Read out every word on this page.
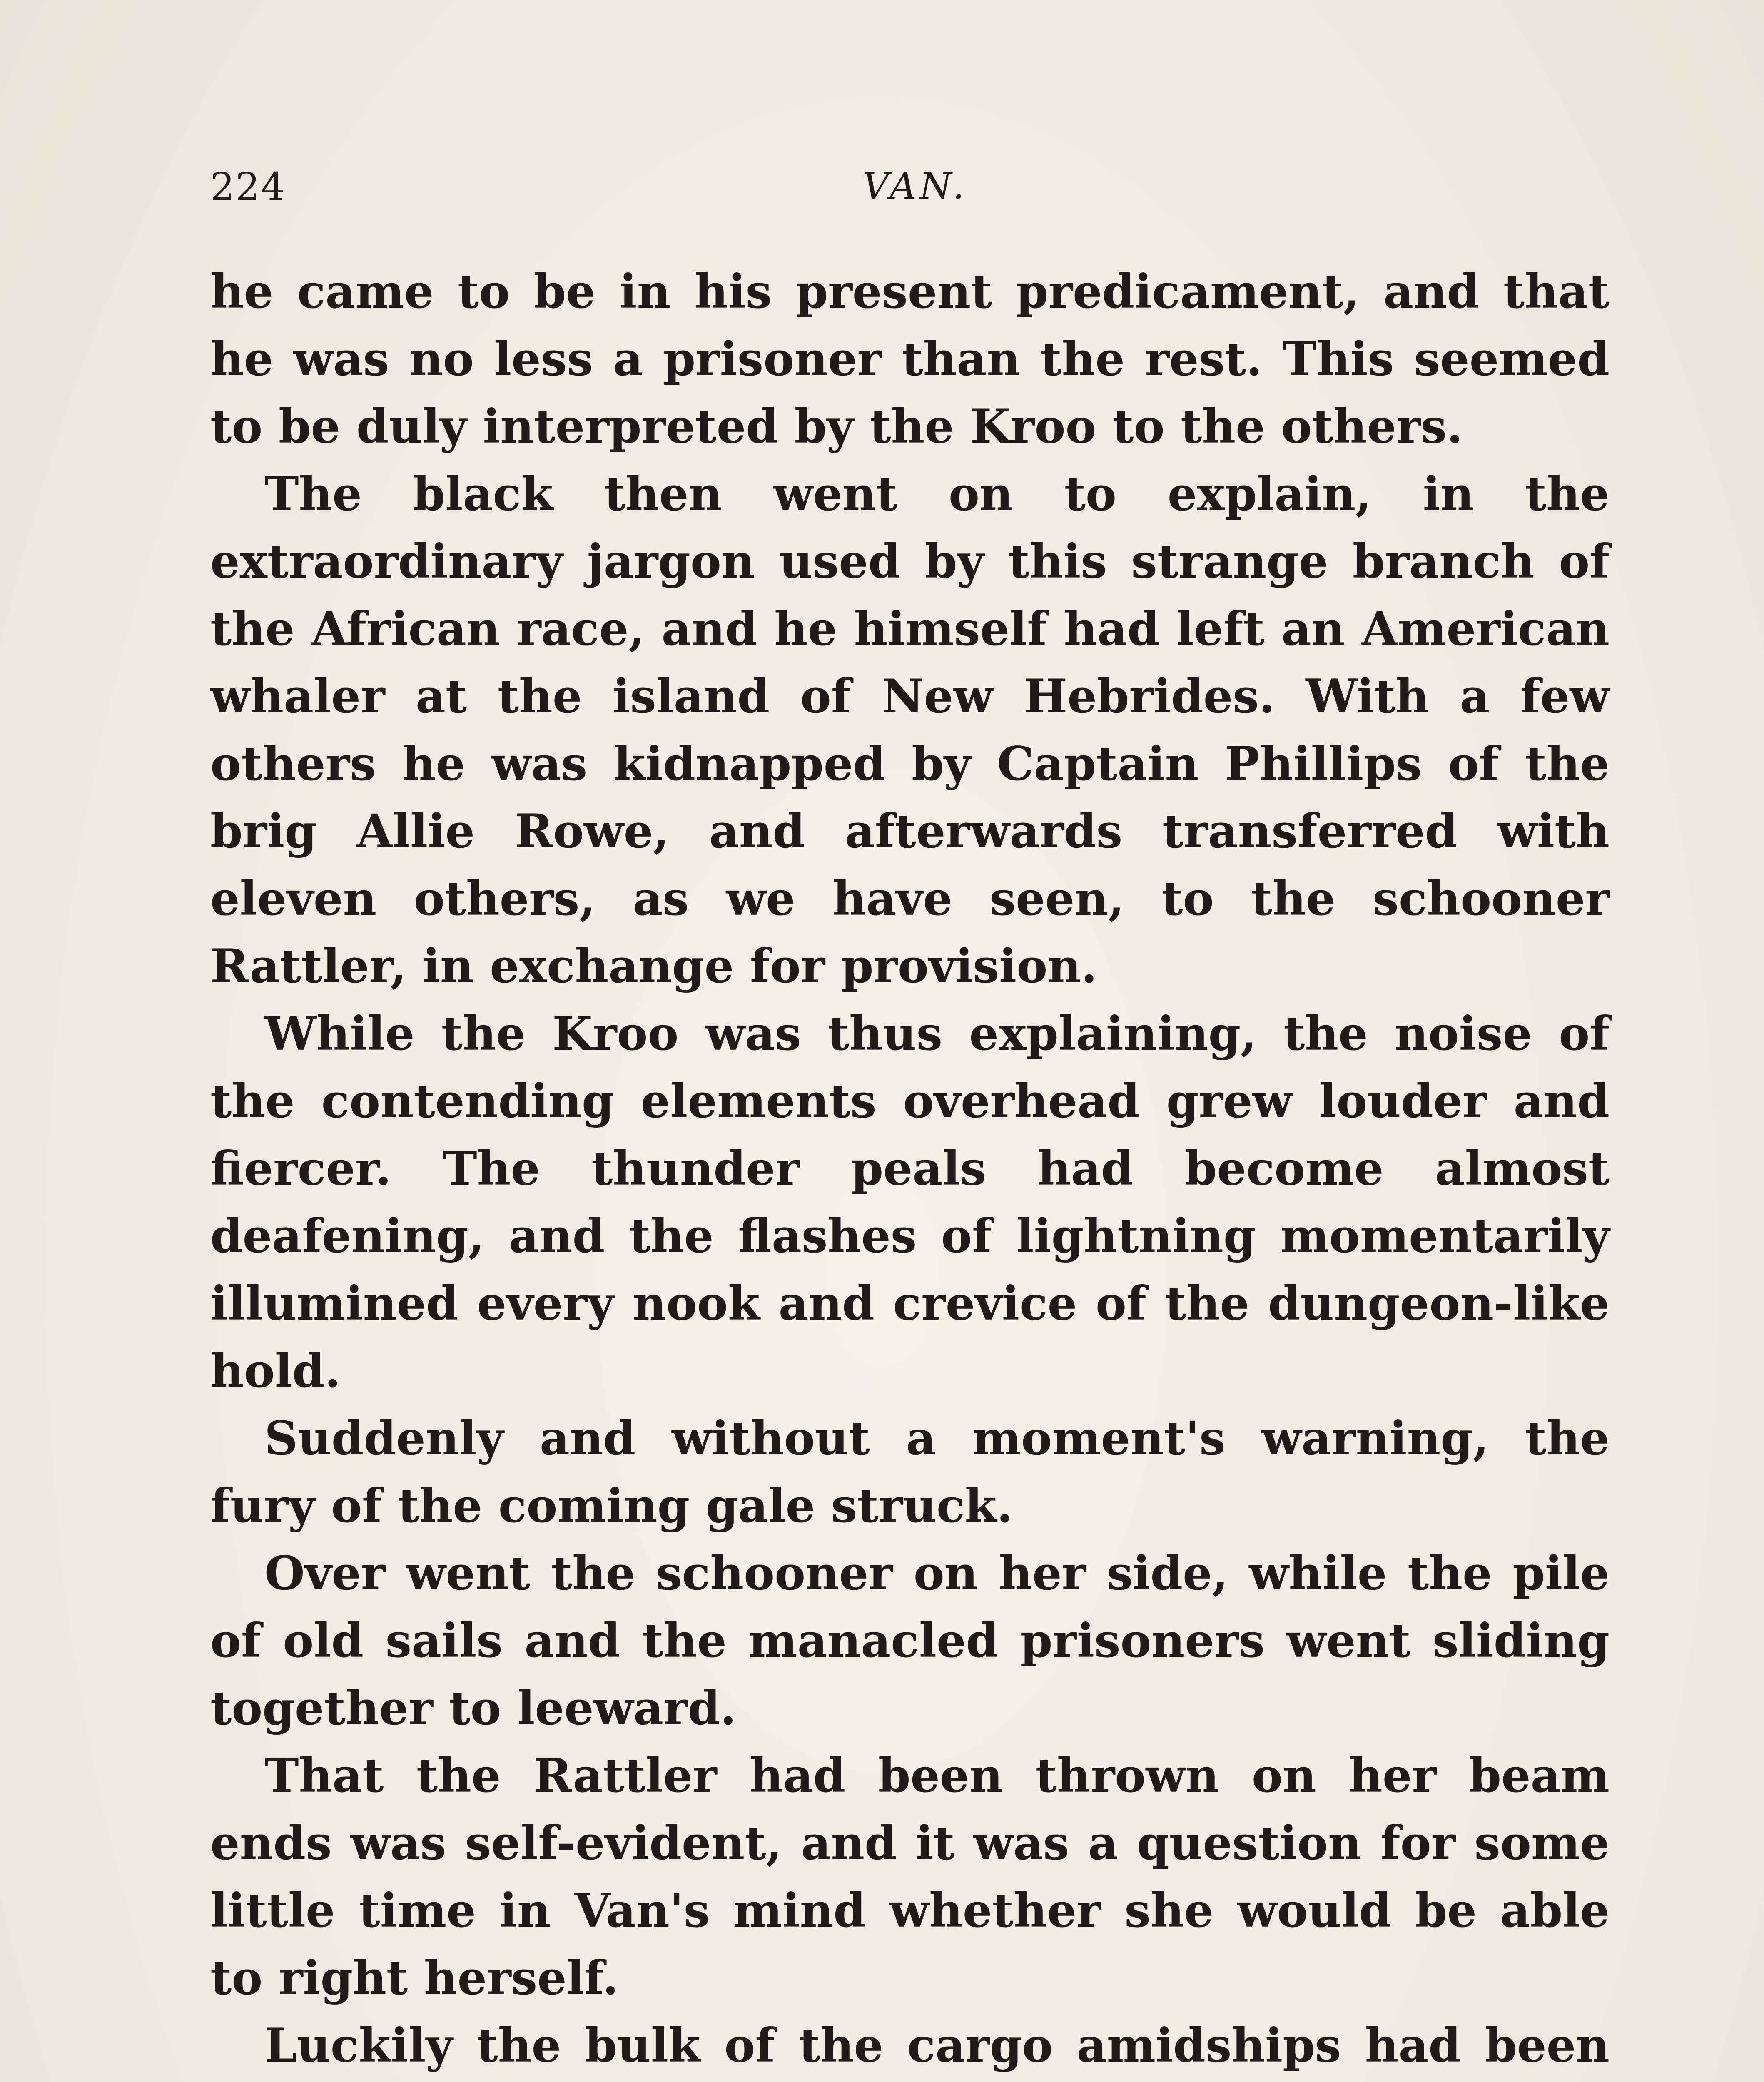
224	VAN.

he came to be in his present predicament, and that he was no less a prisoner than the rest. This seemed to be duly interpreted by the Kroo to the others.

The black then went on to explain, in the extraordinary jargon used by this strange branch of the African race, and he himself had left an American whaler at the island of New Hebrides. With a few others he was kidnapped by Captain Phillips of the brig Allie Rowe, and afterwards transferred with eleven others, as we have seen, to the schooner Rattler, in exchange for provision.

While the Kroo was thus explaining, the noise of the contending elements overhead grew louder and fiercer. The thunder peals had become almost deafening, and the flashes of lightning momentarily illumined every nook and crevice of the dungeon-like hold.

Suddenly and without a moment's warning, the fury of the coming gale struck.

Over went the schooner on her side, while the pile of old sails and the manacled prisoners went sliding together to leeward.

That the Rattler had been thrown on her beam ends was self-evident, and it was a question for some little time in Van's mind whether she would be able to right herself.

Luckily the bulk of the cargo amidships had been
